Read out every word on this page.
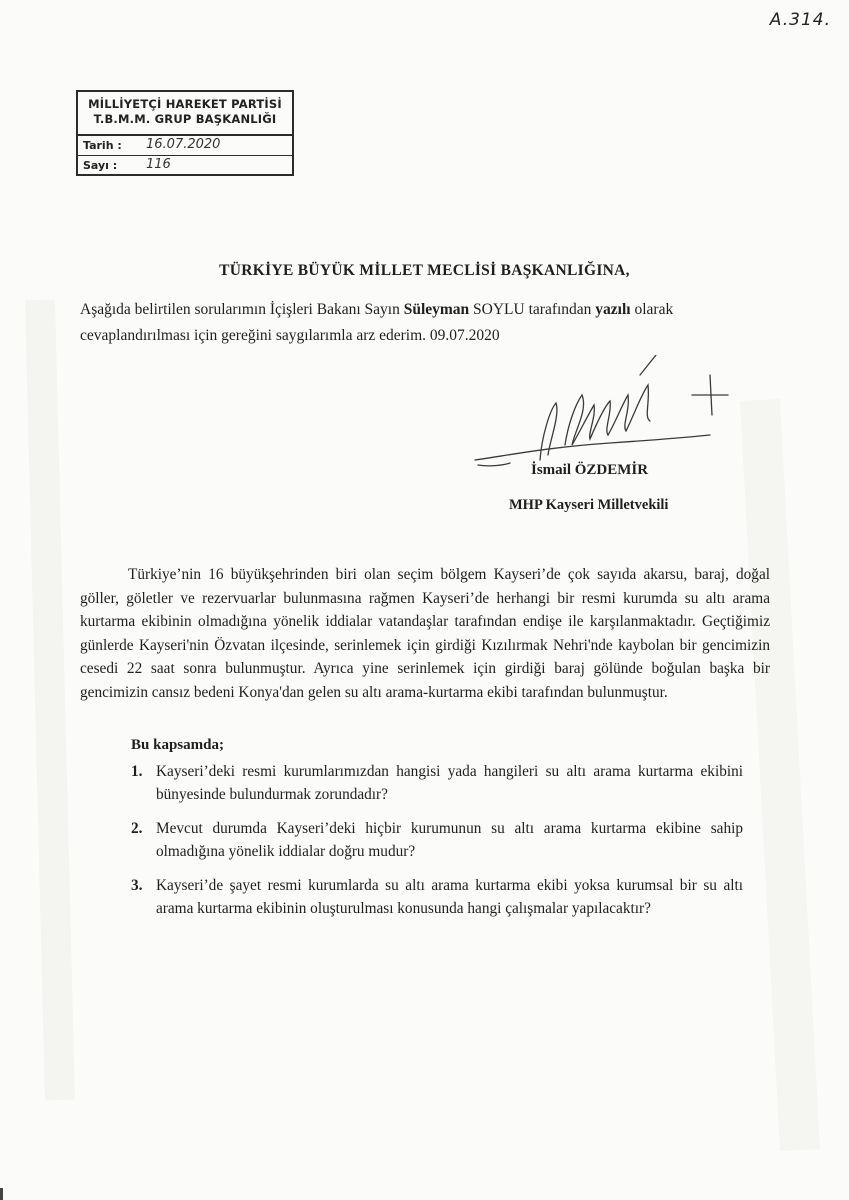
A.314.
MİLLİYETÇİ HAREKET PARTİSİ
T.B.M.M. GRUP BAŞKANLIĞI
Tarih : 16.07.2020
Sayı : 116
TÜRKİYE BÜYÜK MİLLET MECLİSİ BAŞKANLIĞINA,
Aşağıda belirtilen sorularımın İçişleri Bakanı Sayın Süleyman SOYLU tarafından yazılı olarak cevaplandırılması için gereğini saygılarımla arz ederim. 09.07.2020
İsmail ÖZDEMİR
MHP Kayseri Milletvekili
Türkiye’nin 16 büyükşehrinden biri olan seçim bölgem Kayseri’de çok sayıda akarsu, baraj, doğal göller, göletler ve rezervuarlar bulunmasına rağmen Kayseri’de herhangi bir resmi kurumda su altı arama kurtarma ekibinin olmadığına yönelik iddialar vatandaşlar tarafından endişe ile karşılanmaktadır. Geçtiğimiz günlerde Kayseri'nin Özvatan ilçesinde, serinlemek için girdiği Kızılırmak Nehri'nde kaybolan bir gencimizin cesedi 22 saat sonra bulunmuştur. Ayrıca yine serinlemek için girdiği baraj gölünde boğulan başka bir gencimizin cansız bedeni Konya'dan gelen su altı arama-kurtarma ekibi tarafından bulunmuştur.
Bu kapsamda;
1. Kayseri’deki resmi kurumlarımızdan hangisi yada hangileri su altı arama kurtarma ekibini bünyesinde bulundurmak zorundadır?
2. Mevcut durumda Kayseri’deki hiçbir kurumunun su altı arama kurtarma ekibine sahip olmadığına yönelik iddialar doğru mudur?
3. Kayseri’de şayet resmi kurumlarda su altı arama kurtarma ekibi yoksa kurumsal bir su altı arama kurtarma ekibinin oluşturulması konusunda hangi çalışmalar yapılacaktır?
